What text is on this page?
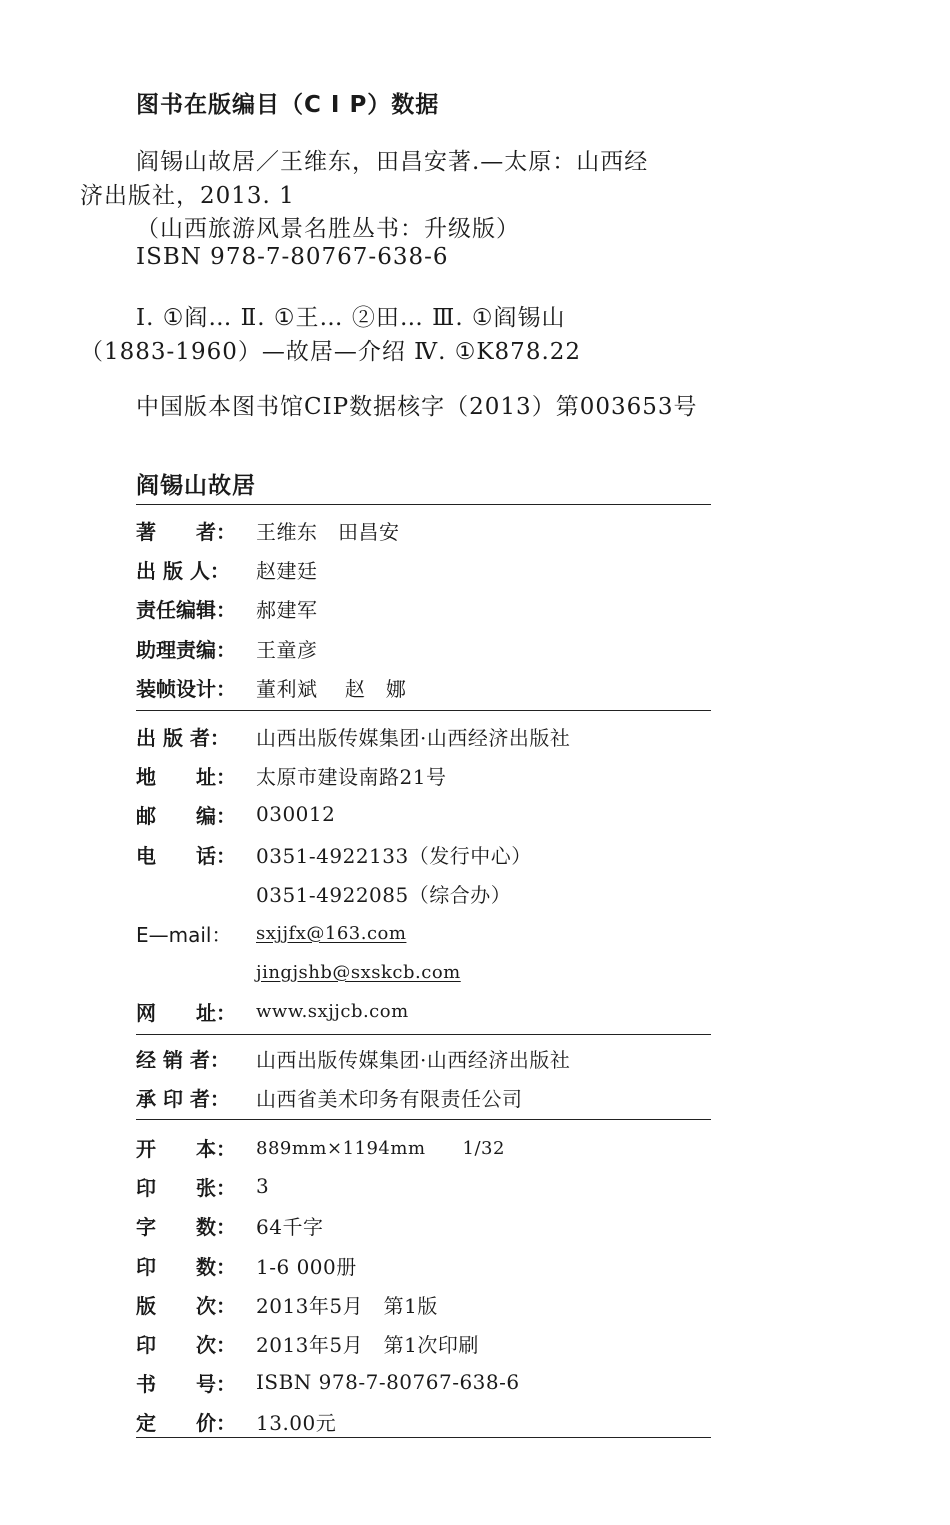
图书在版编目（C I P）数据
阎锡山故居／王维东，田昌安著.—太原：山西经
济出版社，2013. 1
（山西旅游风景名胜丛书：升级版）
ISBN 978-7-80767-638-6
Ⅰ. ①阎… Ⅱ. ①王… ②田… Ⅲ. ①阎锡山
（1883-1960）—故居—介绍 Ⅳ. ①K878.22
中国版本图书馆CIP数据核字（2013）第003653号
阎锡山故居
著　　者：	王维东　田昌安
出 版 人：	赵建廷
责任编辑：	郝建军
助理责编：	王童彦
装帧设计：	董利斌　 赵　娜
出 版 者：	山西出版传媒集团·山西经济出版社
地　　址：	太原市建设南路21号
邮　　编：	030012
电　　话：	0351-4922133（发行中心）
0351-4922085（综合办）
E—mail：	sxjjfx@163.com
jingjshb@sxskcb.com
网　　址：	www.sxjjcb.com
经 销 者：	山西出版传媒集团·山西经济出版社
承 印 者：	山西省美术印务有限责任公司
开　　本：	889mm×1194mm　　1/32
印　　张：	3
字　　数：	64千字
印　　数：	1-6 000册
版　　次：	2013年5月　第1版
印　　次：	2013年5月　第1次印刷
书　　号：	ISBN 978-7-80767-638-6
定　　价：	13.00元
